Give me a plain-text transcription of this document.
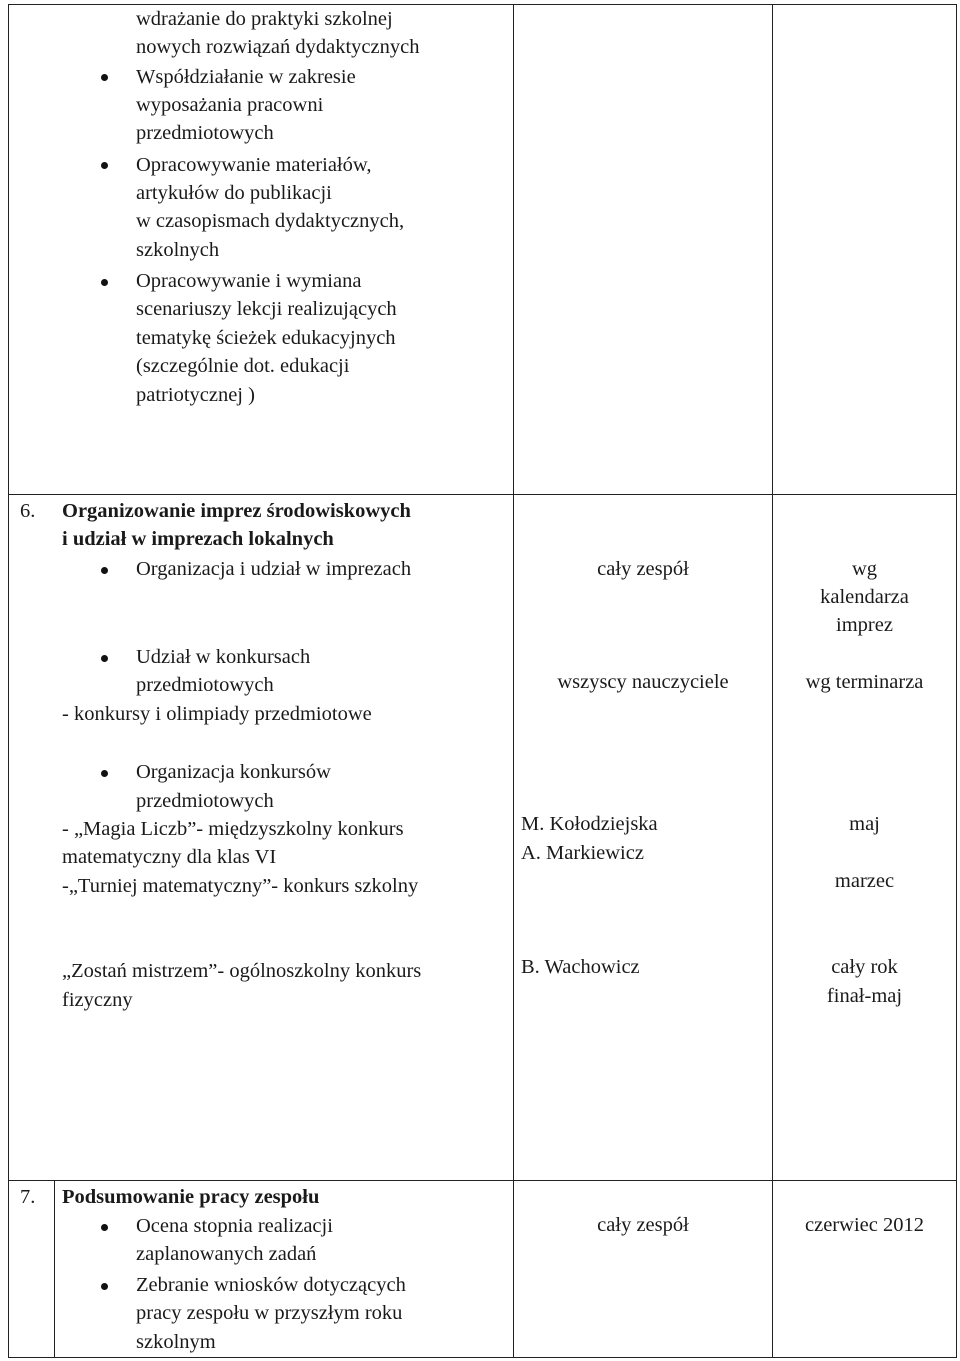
wdrażanie do praktyki szkolnej
nowych rozwiązań dydaktycznych
Współdziałanie w zakresie
wyposażania pracowni
przedmiotowych
Opracowywanie materiałów,
artykułów do publikacji
w czasopismach dydaktycznych,
szkolnych
Opracowywanie i wymiana
scenariuszy lekcji realizujących
tematykę ścieżek edukacyjnych
(szczególnie dot. edukacji
patriotycznej )
6. Organizowanie imprez środowiskowych
i udział w imprezach lokalnych
Organizacja i udział w imprezach
Udział w konkursach
przedmiotowych
- konkursy i olimpiady przedmiotowe
Organizacja konkursów
przedmiotowych
- „Magia Liczb”- międzyszkolny konkurs
matematyczny dla klas VI
-„Turniej matematyczny”- konkurs szkolny
„Zostań mistrzem”- ogólnoszkolny konkurs
fizyczny
cały zespół
wszyscy nauczyciele
M. Kołodziejska
A. Markiewicz
B. Wachowicz
wg
kalendarza
imprez
wg terminarza
maj
marzec
cały rok
finał-maj
7. Podsumowanie pracy zespołu
Ocena stopnia realizacji
zaplanowanych zadań
Zebranie wniosków dotyczących
pracy zespołu w przyszłym roku
szkolnym
cały zespół	czerwiec 2012
